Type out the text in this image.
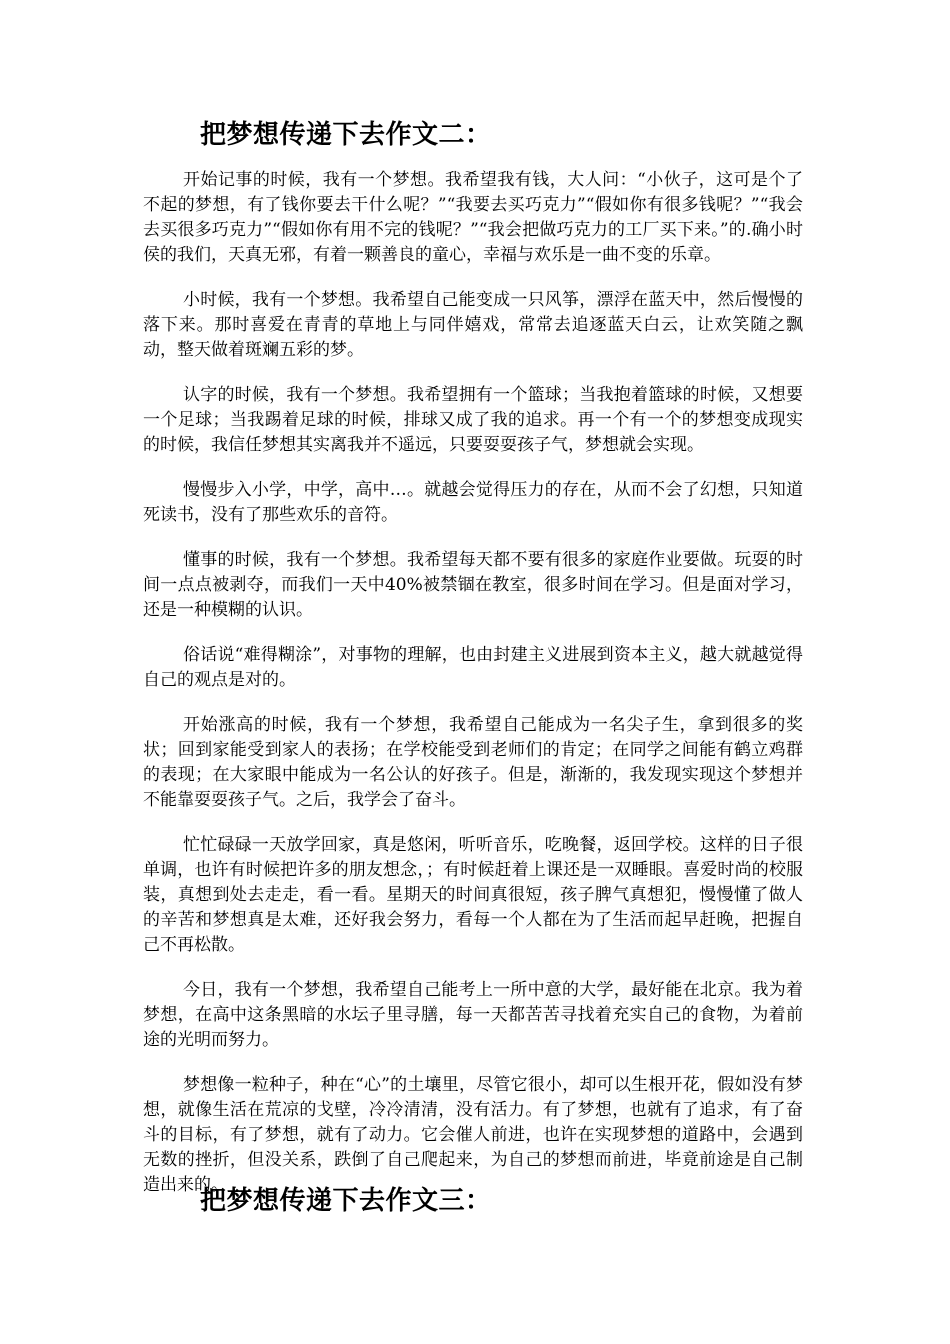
把梦想传递下去作文二：

开始记事的时候，我有一个梦想。我希望我有钱，大人问：“小伙子，这可是个了不起的梦想，有了钱你要去干什么呢？”“我要去买巧克力”“假如你有很多钱呢？”“我会去买很多巧克力”“假如你有用不完的钱呢？”“我会把做巧克力的工厂买下来。”的.确小时侯的我们，天真无邪，有着一颗善良的童心，幸福与欢乐是一曲不变的乐章。

小时候，我有一个梦想。我希望自己能变成一只风筝，漂浮在蓝天中，然后慢慢的落下来。那时喜爱在青青的草地上与同伴嬉戏，常常去追逐蓝天白云，让欢笑随之飘动，整天做着斑斓五彩的梦。

认字的时候，我有一个梦想。我希望拥有一个篮球；当我抱着篮球的时候，又想要一个足球；当我踢着足球的时候，排球又成了我的追求。再一个有一个的梦想变成现实的时候，我信任梦想其实离我并不遥远，只要耍耍孩子气，梦想就会实现。

慢慢步入小学，中学，高中…。就越会觉得压力的存在，从而不会了幻想，只知道死读书，没有了那些欢乐的音符。

懂事的时候，我有一个梦想。我希望每天都不要有很多的家庭作业要做。玩耍的时间一点点被剥夺，而我们一天中40%被禁锢在教室，很多时间在学习。但是面对学习，还是一种模糊的认识。

俗话说“难得糊涂”，对事物的理解，也由封建主义进展到资本主义，越大就越觉得自己的观点是对的。

开始涨高的时候，我有一个梦想，我希望自己能成为一名尖子生，拿到很多的奖状；回到家能受到家人的表扬；在学校能受到老师们的肯定；在同学之间能有鹤立鸡群的表现；在大家眼中能成为一名公认的好孩子。但是，渐渐的，我发现实现这个梦想并不能靠耍耍孩子气。之后，我学会了奋斗。

忙忙碌碌一天放学回家，真是悠闲，听听音乐，吃晚餐，返回学校。这样的日子很单调，也许有时候把许多的朋友想念，；有时候赶着上课还是一双睡眼。喜爱时尚的校服装，真想到处去走走，看一看。星期天的时间真很短，孩子脾气真想犯，慢慢懂了做人的辛苦和梦想真是太难，还好我会努力，看每一个人都在为了生活而起早赶晚，把握自己不再松散。

今日，我有一个梦想，我希望自己能考上一所中意的大学，最好能在北京。我为着梦想，在高中这条黑暗的水坛子里寻膳，每一天都苦苦寻找着充实自己的食物，为着前途的光明而努力。

梦想像一粒种子，种在“心”的土壤里，尽管它很小，却可以生根开花，假如没有梦想，就像生活在荒凉的戈壁，冷冷清清，没有活力。有了梦想，也就有了追求，有了奋斗的目标，有了梦想，就有了动力。它会催人前进，也许在实现梦想的道路中，会遇到无数的挫折，但没关系，跌倒了自己爬起来，为自己的梦想而前进，毕竟前途是自己制造出来的。

把梦想传递下去作文三：
